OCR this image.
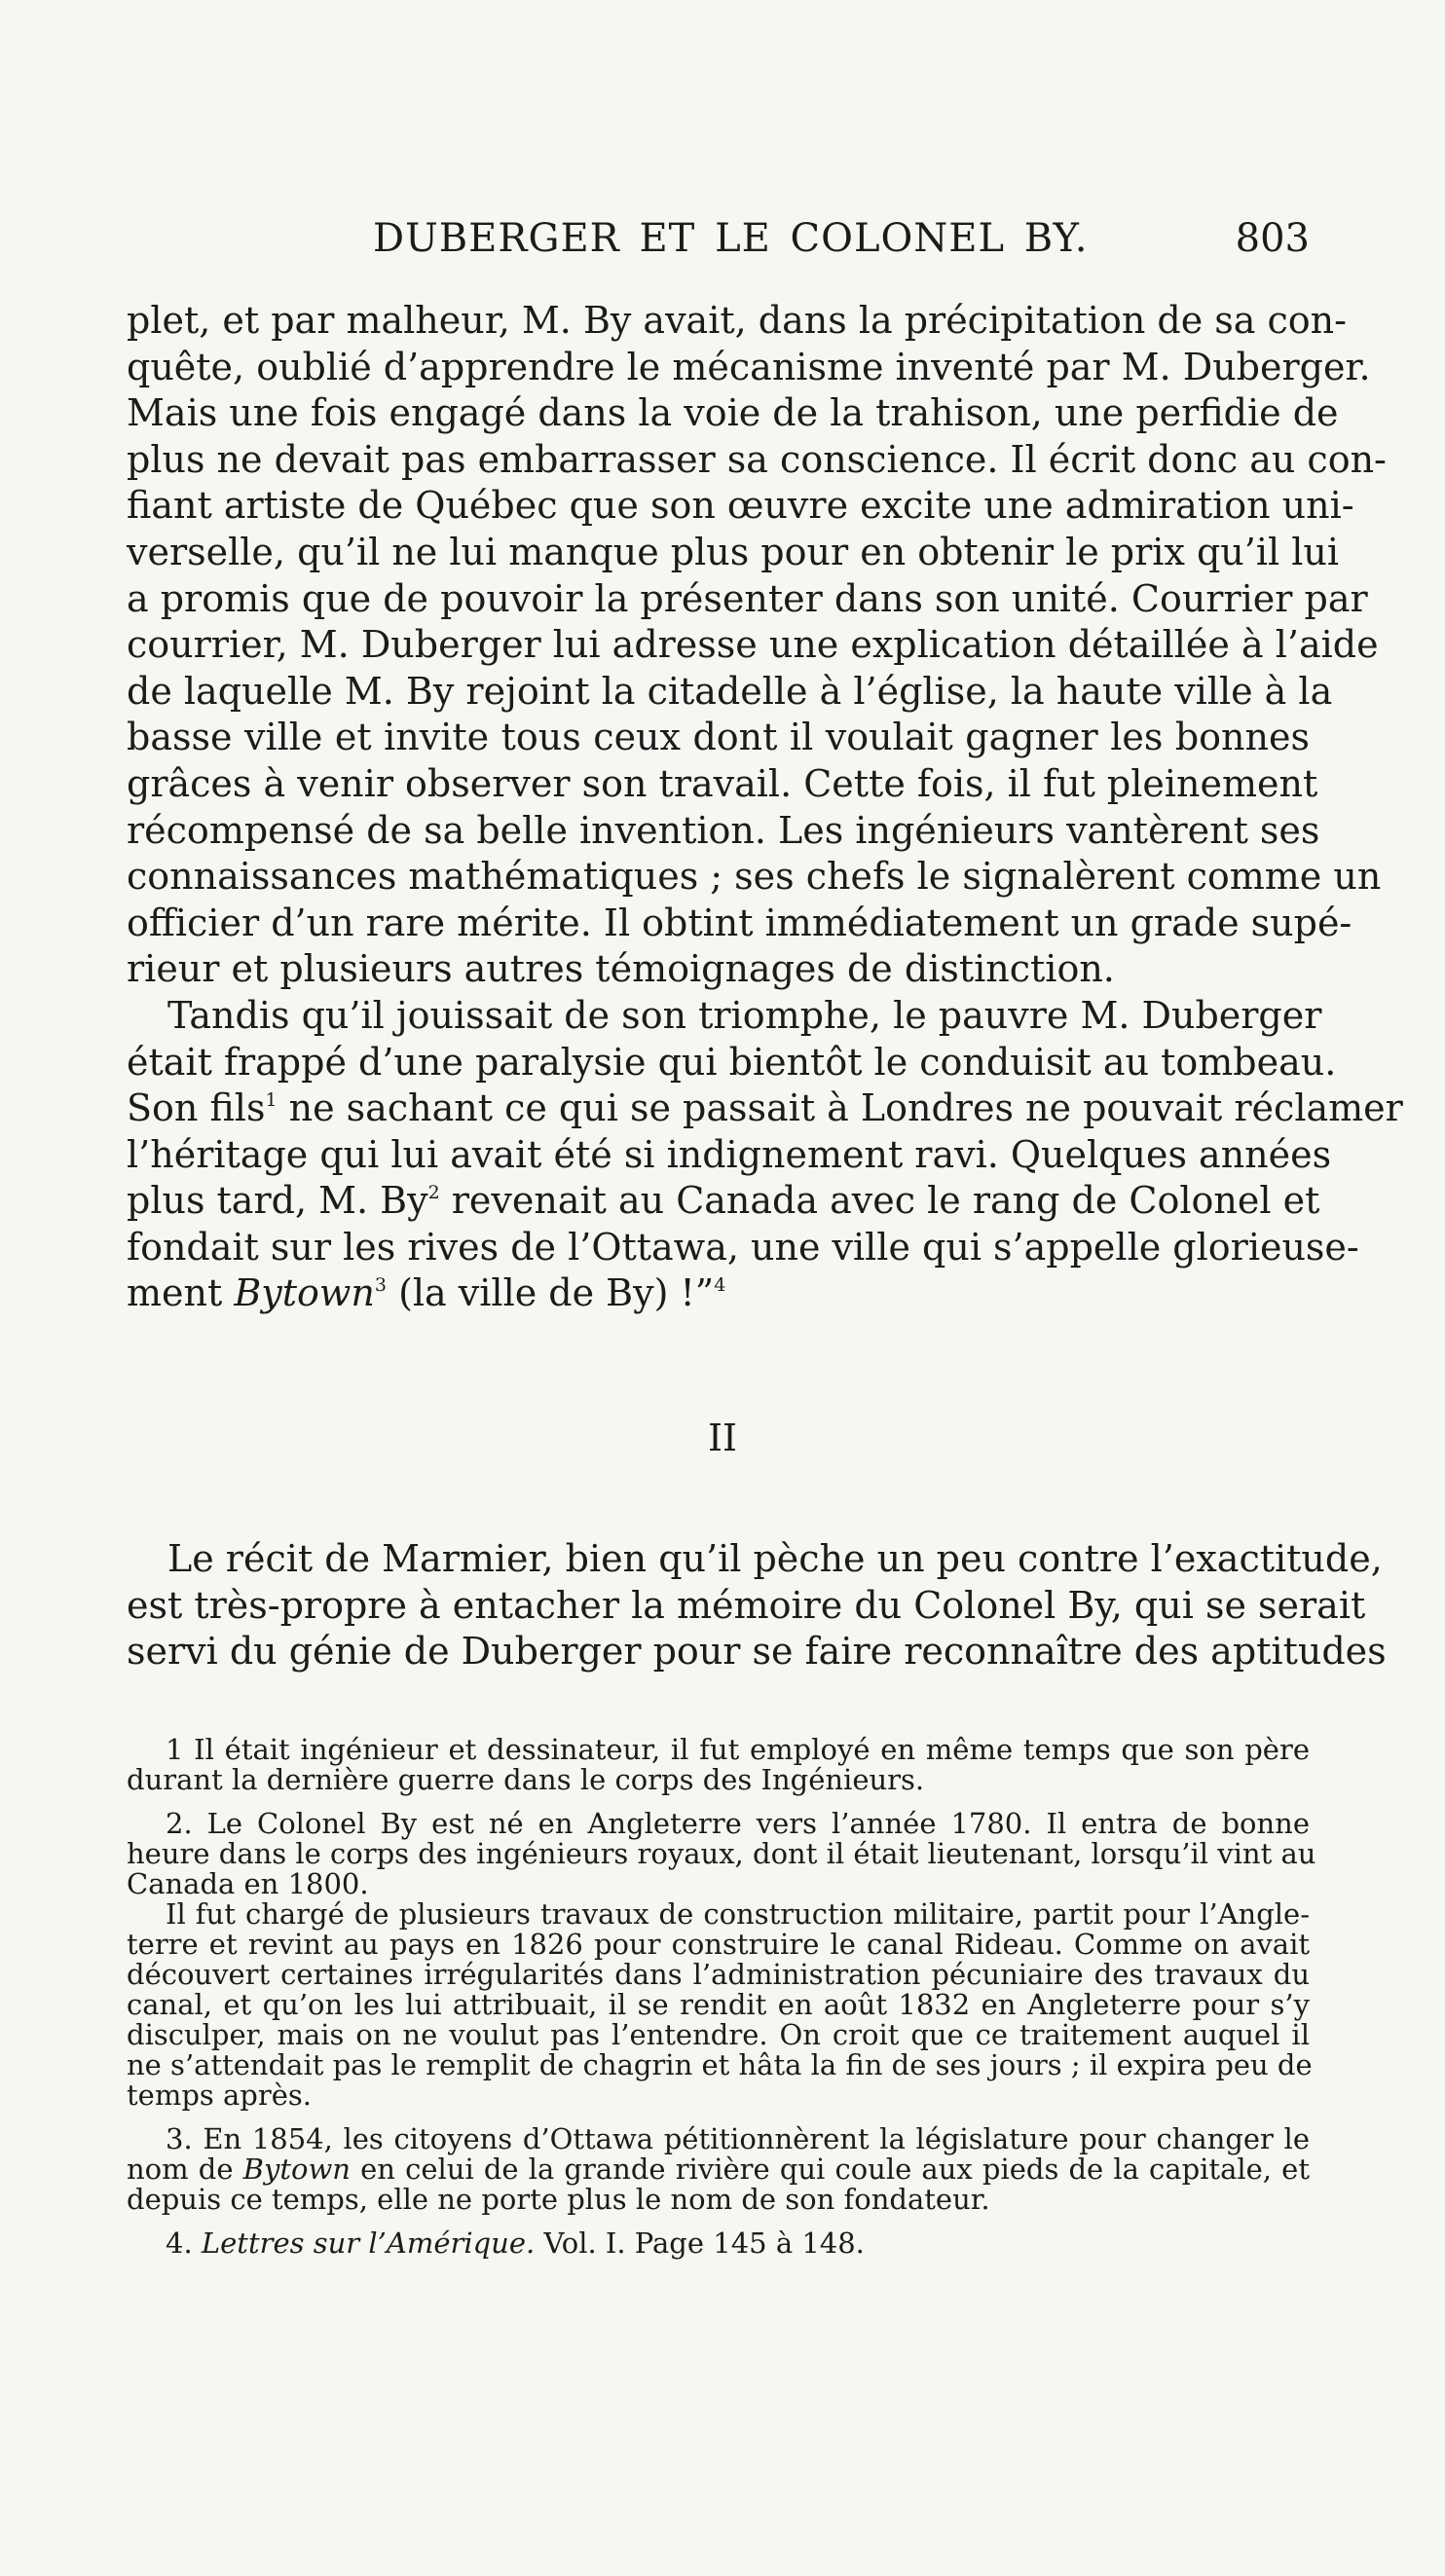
DUBERGER ET LE COLONEL BY.	803
plet, et par malheur, M. By avait, dans la précipitation de sa con-
quête, oublié d’apprendre le mécanisme inventé par M. Duberger.
Mais une fois engagé dans la voie de la trahison, une perfidie de
plus ne devait pas embarrasser sa conscience. Il écrit donc au con-
fiant artiste de Québec que son œuvre excite une admiration uni-
verselle, qu’il ne lui manque plus pour en obtenir le prix qu’il lui
a promis que de pouvoir la présenter dans son unité. Courrier par
courrier, M. Duberger lui adresse une explication détaillée à l’aide
de laquelle M. By rejoint la citadelle à l’église, la haute ville à la
basse ville et invite tous ceux dont il voulait gagner les bonnes
grâces à venir observer son travail. Cette fois, il fut pleinement
récompensé de sa belle invention. Les ingénieurs vantèrent ses
connaissances mathématiques ; ses chefs le signalèrent comme un
officier d’un rare mérite. Il obtint immédiatement un grade supé-
rieur et plusieurs autres témoignages de distinction.
Tandis qu’il jouissait de son triomphe, le pauvre M. Duberger
était frappé d’une paralysie qui bientôt le conduisit au tombeau.
Son fils$^1$ ne sachant ce qui se passait à Londres ne pouvait réclamer
l’héritage qui lui avait été si indignement ravi. Quelques années
plus tard, M. By$^2$ revenait au Canada avec le rang de Colonel et
fondait sur les rives de l’Ottawa, une ville qui s’appelle glorieuse-
ment Bytown$^3$ (la ville de By) !”$^4$
II
Le récit de Marmier, bien qu’il pèche un peu contre l’exactitude,
est très-propre à entacher la mémoire du Colonel By, qui se serait
servi du génie de Duberger pour se faire reconnaître des aptitudes
1 Il était ingénieur et dessinateur, il fut employé en même temps que son père
durant la dernière guerre dans le corps des Ingénieurs.
2. Le Colonel By est né en Angleterre vers l’année 1780. Il entra de bonne
heure dans le corps des ingénieurs royaux, dont il était lieutenant, lorsqu’il vint au
Canada en 1800.
Il fut chargé de plusieurs travaux de construction militaire, partit pour l’Angle-
terre et revint au pays en 1826 pour construire le canal Rideau. Comme on avait
découvert certaines irrégularités dans l’administration pécuniaire des travaux du
canal, et qu’on les lui attribuait, il se rendit en août 1832 en Angleterre pour s’y
disculper, mais on ne voulut pas l’entendre. On croit que ce traitement auquel il
ne s’attendait pas le remplit de chagrin et hâta la fin de ses jours ; il expira peu de
temps après.
3. En 1854, les citoyens d’Ottawa pétitionnèrent la législature pour changer le
nom de Bytown en celui de la grande rivière qui coule aux pieds de la capitale, et
depuis ce temps, elle ne porte plus le nom de son fondateur.
4. Lettres sur l’Amérique. Vol. I. Page 145 à 148.
